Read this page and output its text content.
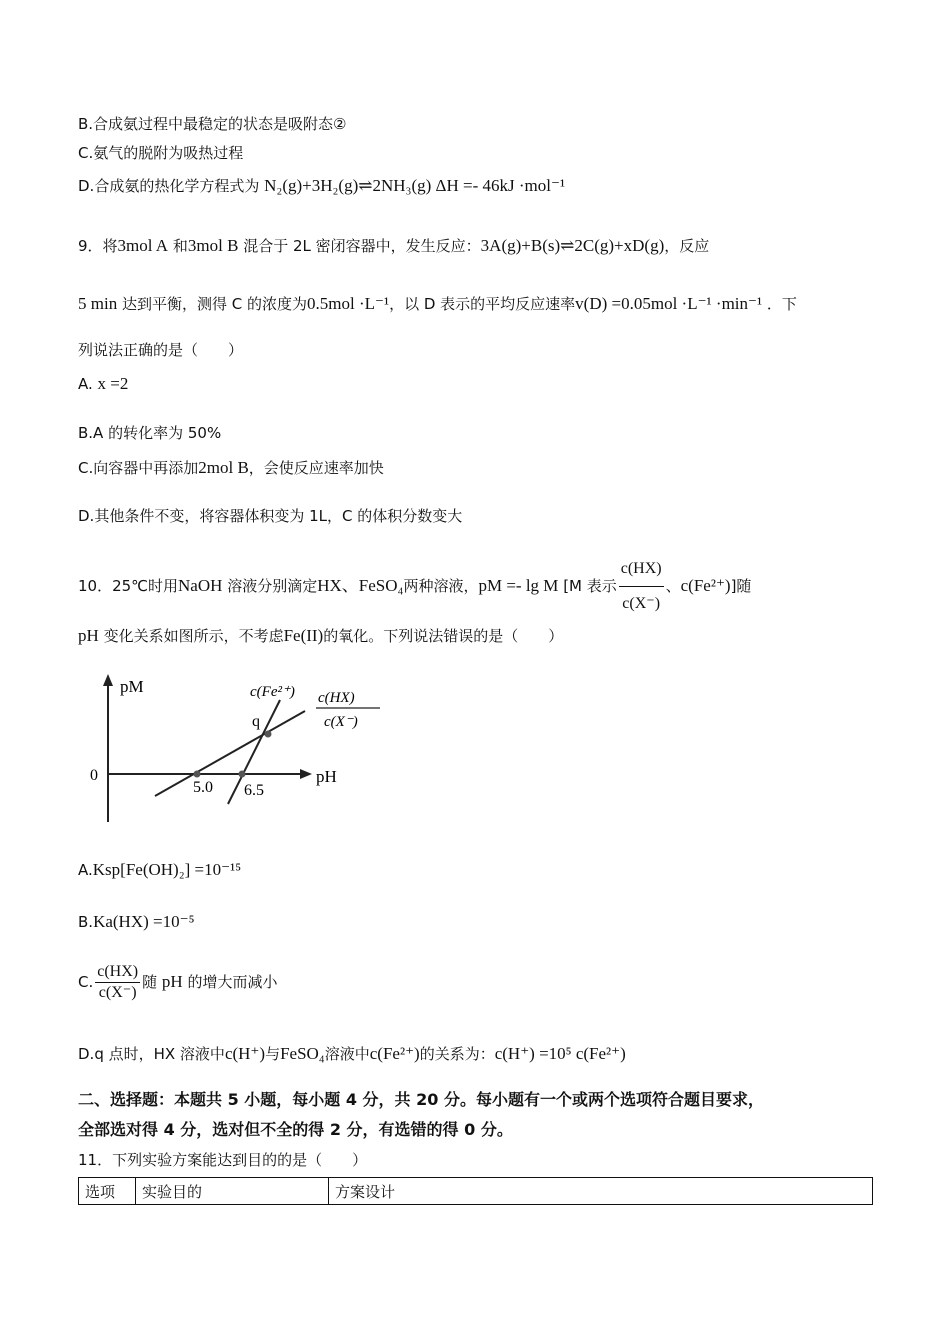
B.合成氨过程中最稳定的状态是吸附态②
C.氨气的脱附为吸热过程
D.合成氨的热化学方程式为 N₂(g)+3H₂(g)⇌2NH₃(g) ΔH =- 46kJ ·mol⁻¹
9．将3mol A 和3mol B 混合于 2L 密闭容器中，发生反应：3A(g)+B(s)⇌2C(g)+xD(g)，反应
5 min 达到平衡，测得 C 的浓度为0.5mol ·L⁻¹，以 D 表示的平均反应速率v(D) =0.05mol ·L⁻¹ ·min⁻¹ ．下
列说法正确的是（　　）
A. x =2
B.A 的转化率为 50%
C.向容器中再添加2mol B，会使反应速率加快
D.其他条件不变，将容器体积变为 1L，C 的体积分数变大
10．25℃时用NaOH 溶液分别滴定HX、FeSO₄两种溶液，pM =- lg M [M 表示 $\frac{c(HX)}{c(X^-)}$ 、c(Fe²⁺)]随
pH 变化关系如图所示，不考虑Fe(II)的氧化。下列说法错误的是（　　）
pM
pH
0
5.0 6.5
q
c(Fe²⁺) c(HX)
c(X⁻)
A.Ksp[Fe(OH)₂] =10⁻¹⁵
B.Ka(HX) =10⁻⁵
C. $\frac{c(HX)}{c(X^-)}$ 随 pH 的增大而减小
D.q 点时，HX 溶液中c(H⁺)与FeSO₄溶液中c(Fe²⁺)的关系为：c(H⁺) =10⁵ c(Fe²⁺)
二、选择题：本题共 5 小题，每小题 4 分，共 20 分。每小题有一个或两个选项符合题目要求，
全部选对得 4 分，选对但不全的得 2 分，有选错的得 0 分。
11．下列实验方案能达到目的的是（　　）
选项	实验目的	方案设计
